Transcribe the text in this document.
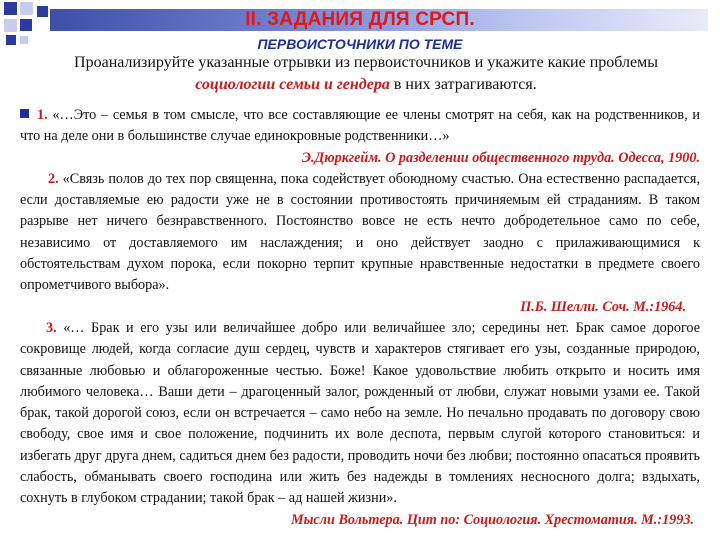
II. ЗАДАНИЯ ДЛЯ СРСП.
ПЕРВОИСТОЧНИКИ ПО ТЕМЕ
Проанализируйте указанные отрывки из первоисточников и укажите какие проблемы
социологии семьи и гендера в них затрагиваются.

1. «…Это – семья в том смысле, что все составляющие ее члены смотрят на себя, как на родственников, и что на деле они в большинстве случае единокровные родственники…»

Э.Дюркгейм. О разделении общественного труда. Одесса, 1900.

2. «Связь полов до тех пор священна, пока содействует обоюдному счастью. Она естественно распадается, если доставляемые ею радости уже не в состоянии противостоять причиняемым ей страданиям. В таком разрыве нет ничего безнравственного. Постоянство вовсе не есть нечто добродетельное само по себе, независимо от доставляемого им наслаждения; и оно действует заодно с прилаживающимися к обстоятельствам духом порока, если покорно терпит крупные нравственные недостатки в предмете своего опрометчивого выбора».

П.Б. Шелли. Соч. М.:1964.

3. «… Брак и его узы или величайшее добро или величайшее зло; середины нет. Брак самое дорогое сокровище людей, когда согласие душ сердец, чувств и характеров стягивает его узы, созданные природою, связанные любовью и облагороженные честью. Боже! Какое удовольствие любить открыто и носить имя любимого человека… Ваши дети – драгоценный залог, рожденный от любви, служат новыми узами ее. Такой брак, такой дорогой союз, если он встречается – само небо на земле. Но печально продавать по договору свою свободу, свое имя и свое положение, подчинить их воле деспота, первым слугой которого становиться: и избегать друг друга днем, садиться днем без радости, проводить ночи без любви; постоянно опасаться проявить слабость, обманывать своего господина или жить без надежды в томлениях несносного долга; вздыхать, сохнуть в глубоком страдании; такой брак – ад нашей жизни».

Мысли Вольтера. Цит по: Социология. Хрестоматия. М.:1993.
